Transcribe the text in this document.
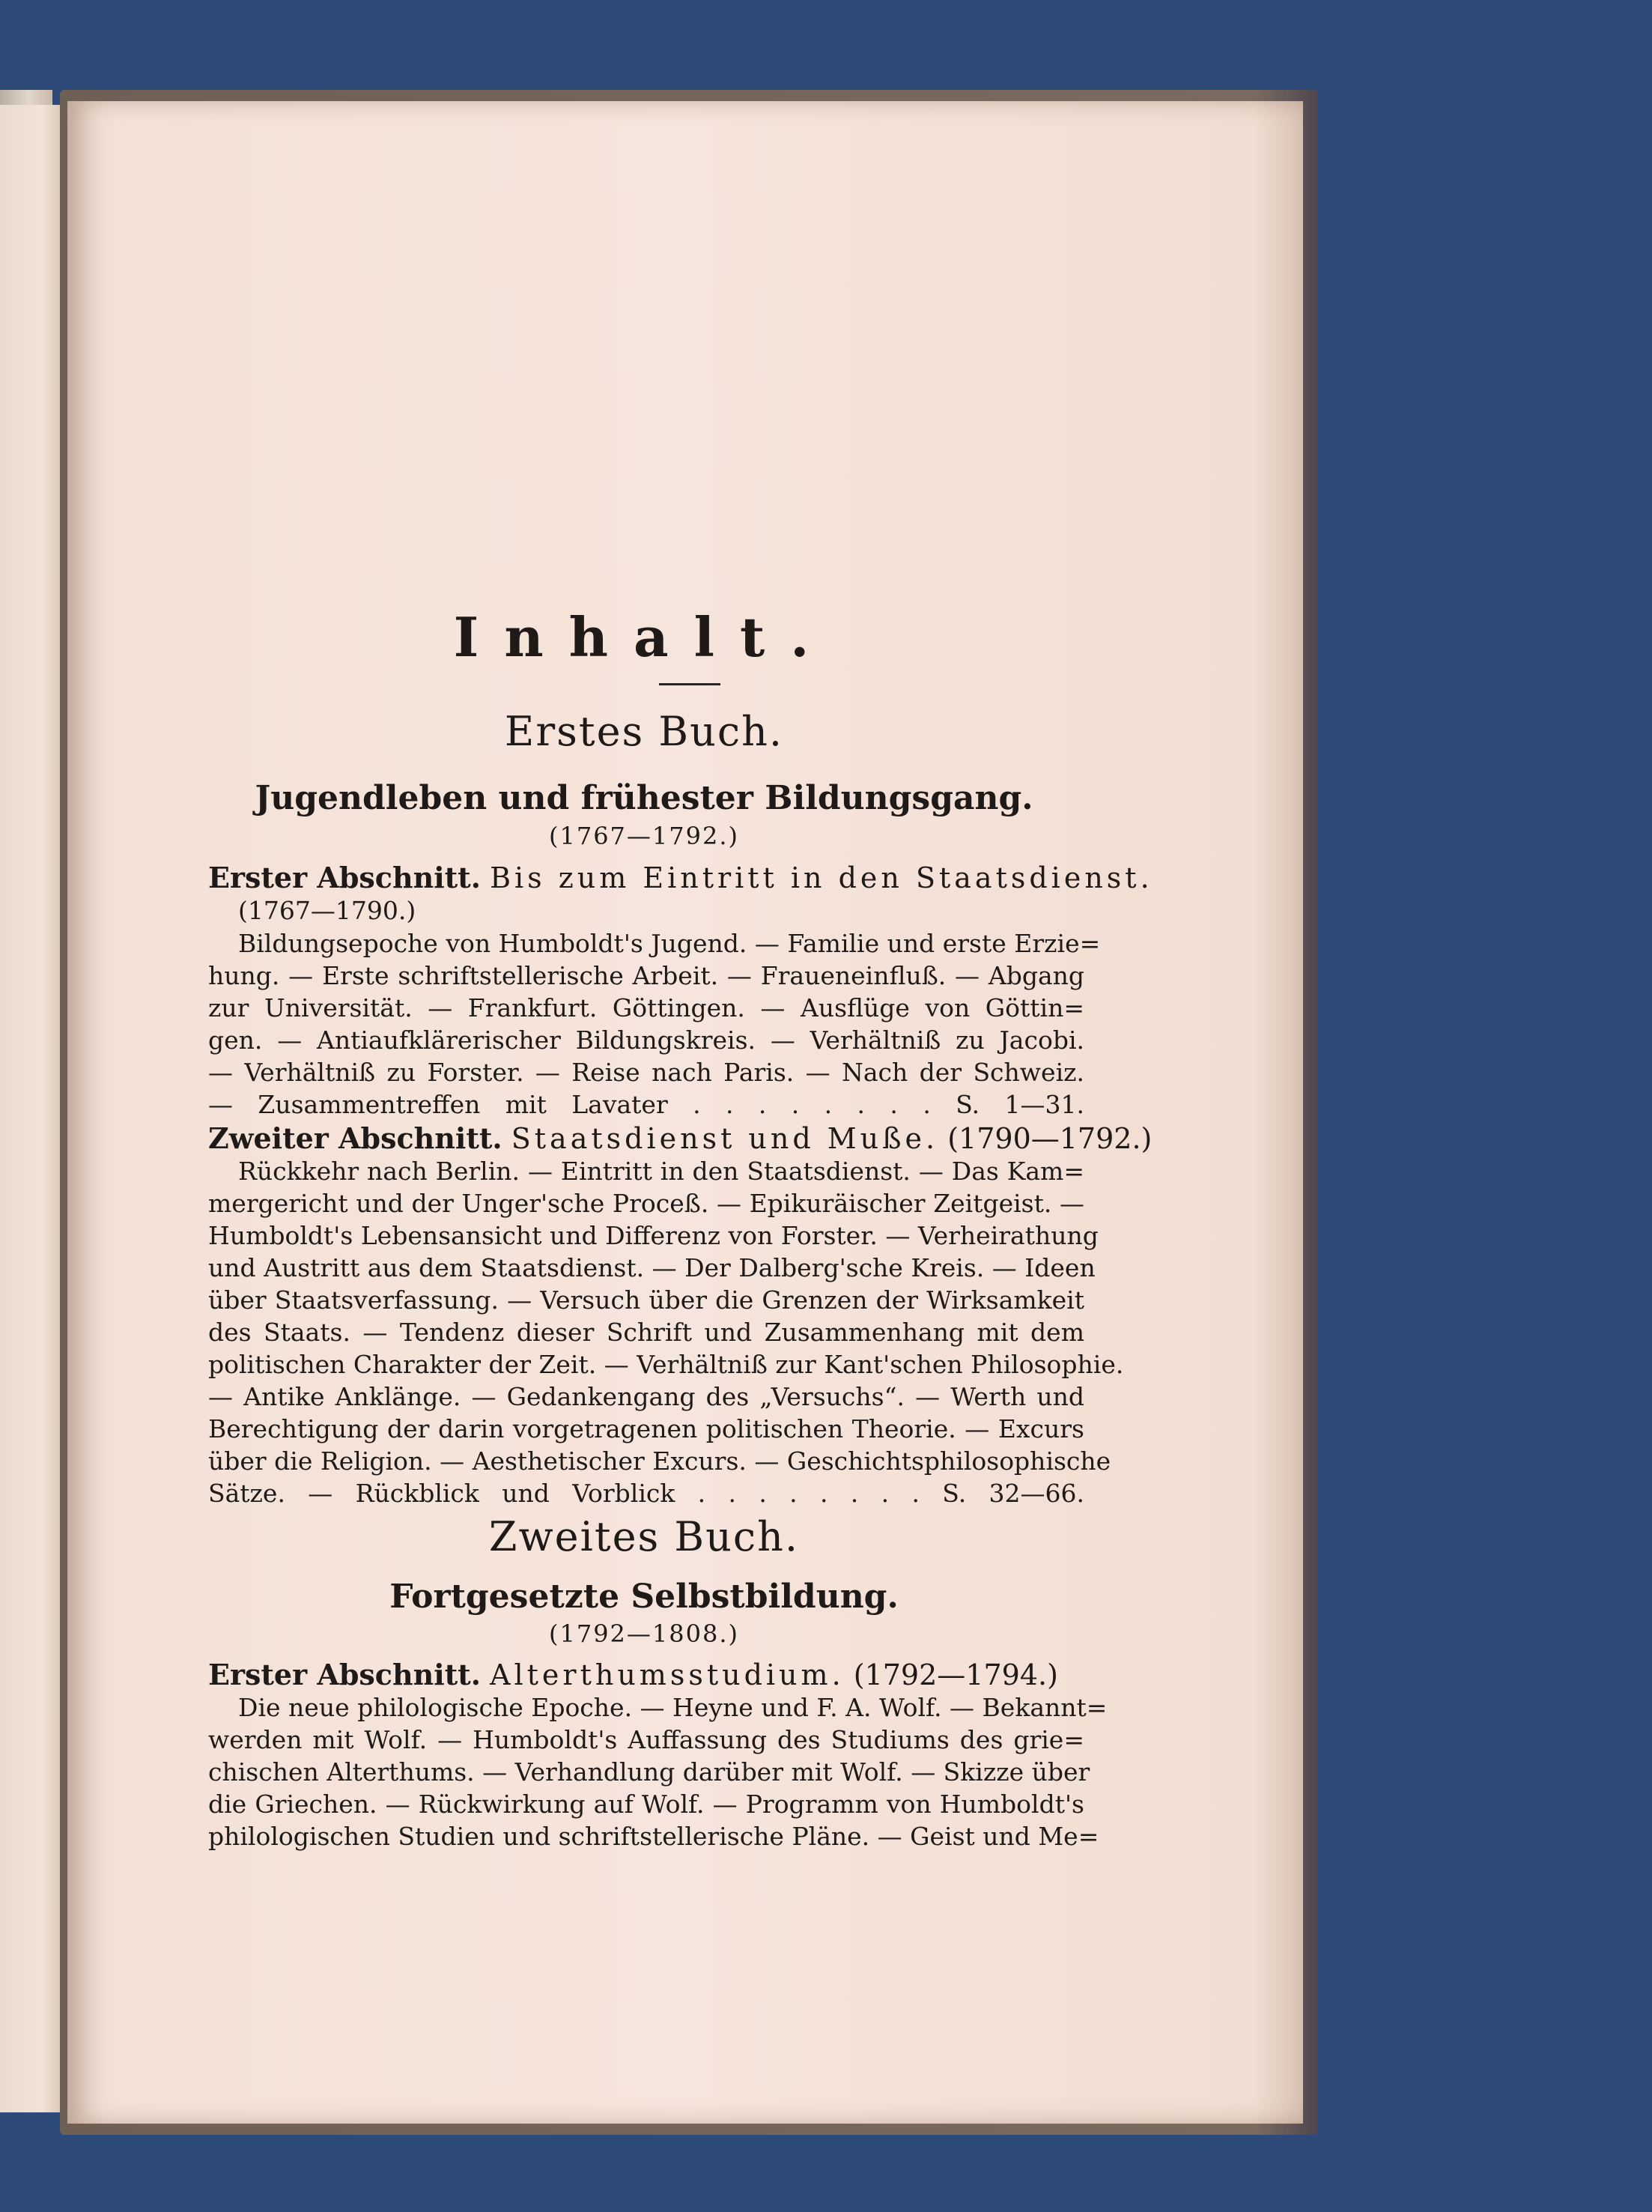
Inhalt.
Erstes Buch.
Jugendleben und frühester Bildungsgang.
(1767—1792.)
Erster Abschnitt. Bis zum Eintritt in den Staatsdienst.
(1767—1790.)
Bildungsepoche von Humboldt's Jugend. — Familie und erste Erzie=
hung. — Erste schriftstellerische Arbeit. — Fraueneinfluß. — Abgang
zur Universität. — Frankfurt. Göttingen. — Ausflüge von Göttin=
gen. — Antiaufklärerischer Bildungskreis. — Verhältniß zu Jacobi.
— Verhältniß zu Forster. — Reise nach Paris. — Nach der Schweiz.
— Zusammentreffen mit Lavater . . . . . . . . S. 1—31.
Zweiter Abschnitt. Staatsdienst und Muße. (1790—1792.)
Rückkehr nach Berlin. — Eintritt in den Staatsdienst. — Das Kam=
mergericht und der Unger'sche Proceß. — Epikuräischer Zeitgeist. —
Humboldt's Lebensansicht und Differenz von Forster. — Verheirathung
und Austritt aus dem Staatsdienst. — Der Dalberg'sche Kreis. — Ideen
über Staatsverfassung. — Versuch über die Grenzen der Wirksamkeit
des Staats. — Tendenz dieser Schrift und Zusammenhang mit dem
politischen Charakter der Zeit. — Verhältniß zur Kant'schen Philosophie.
— Antike Anklänge. — Gedankengang des „Versuchs“. — Werth und
Berechtigung der darin vorgetragenen politischen Theorie. — Excurs
über die Religion. — Aesthetischer Excurs. — Geschichtsphilosophische
Sätze. — Rückblick und Vorblick . . . . . . . . S. 32—66.
Zweites Buch.
Fortgesetzte Selbstbildung.
(1792—1808.)
Erster Abschnitt. Alterthumsstudium. (1792—1794.)
Die neue philologische Epoche. — Heyne und F. A. Wolf. — Bekannt=
werden mit Wolf. — Humboldt's Auffassung des Studiums des grie=
chischen Alterthums. — Verhandlung darüber mit Wolf. — Skizze über
die Griechen. — Rückwirkung auf Wolf. — Programm von Humboldt's
philologischen Studien und schriftstellerische Pläne. — Geist und Me=
